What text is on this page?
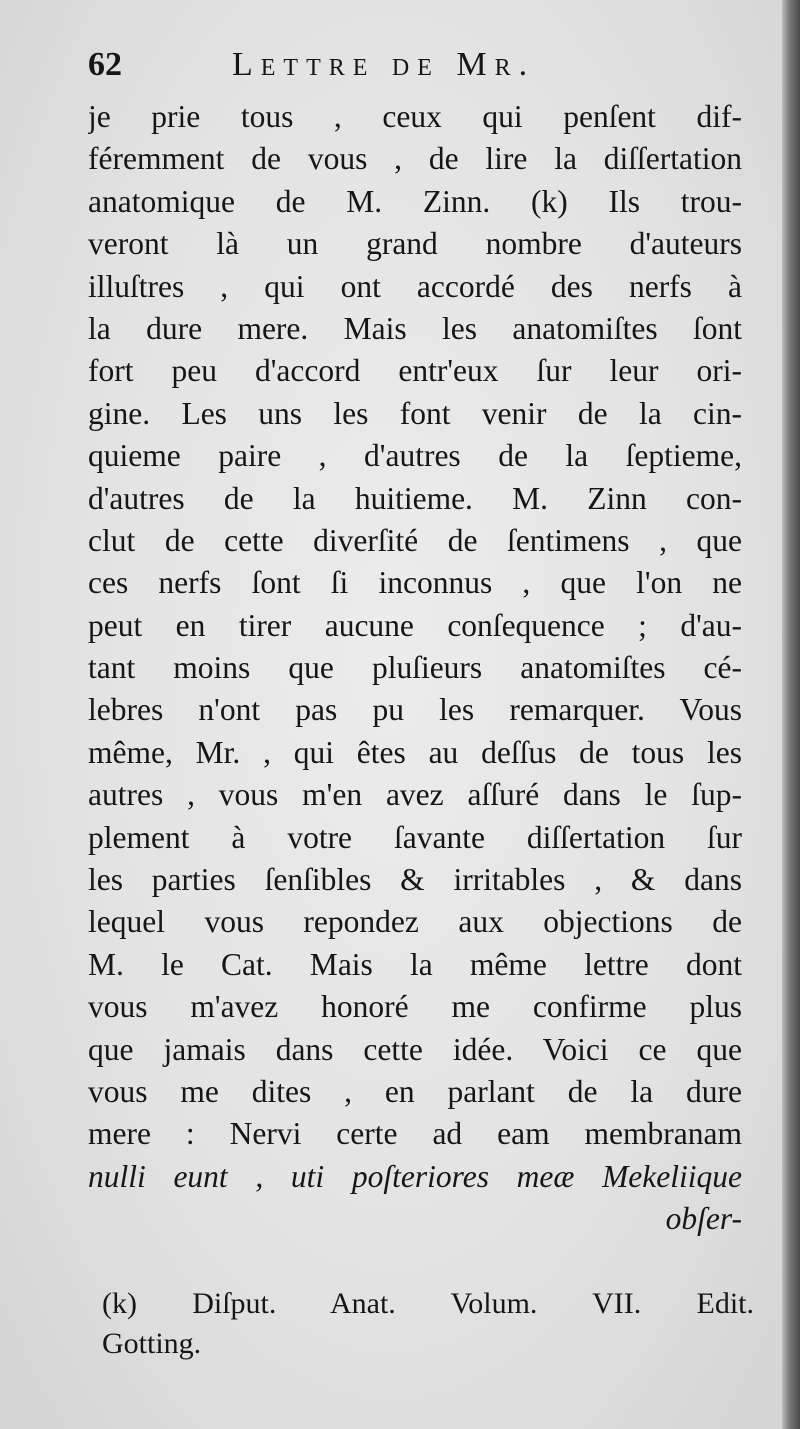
62	Lettre de Mr.
je prie tous , ceux qui penſent dif-
féremment de vous , de lire la diſſertation
anatomique de M. Zinn. (k) Ils trou-
veront là un grand nombre d'auteurs
illuſtres , qui ont accordé des nerfs à
la dure mere. Mais les anatomiſtes ſont
fort peu d'accord entr'eux ſur leur ori-
gine. Les uns les font venir de la cin-
quieme paire , d'autres de la ſeptieme,
d'autres de la huitieme. M. Zinn con-
clut de cette diverſité de ſentimens , que
ces nerfs ſont ſi inconnus , que l'on ne
peut en tirer aucune conſequence ; d'au-
tant moins que pluſieurs anatomiſtes cé-
lebres n'ont pas pu les remarquer. Vous
même, Mr. , qui êtes au deſſus de tous les
autres , vous m'en avez aſſuré dans le ſup-
plement à votre ſavante diſſertation ſur
les parties ſenſibles & irritables , & dans
lequel vous repondez aux objections de
M. le Cat. Mais la même lettre dont
vous m'avez honoré me confirme plus
que jamais dans cette idée. Voici ce que
vous me dites , en parlant de la dure
mere : Nervi certe ad eam membranam
nulli eunt , uti poſteriores meæ Mekeliique
obſer-
(k) Diſput. Anat. Volum. VII. Edit.
Gotting.
